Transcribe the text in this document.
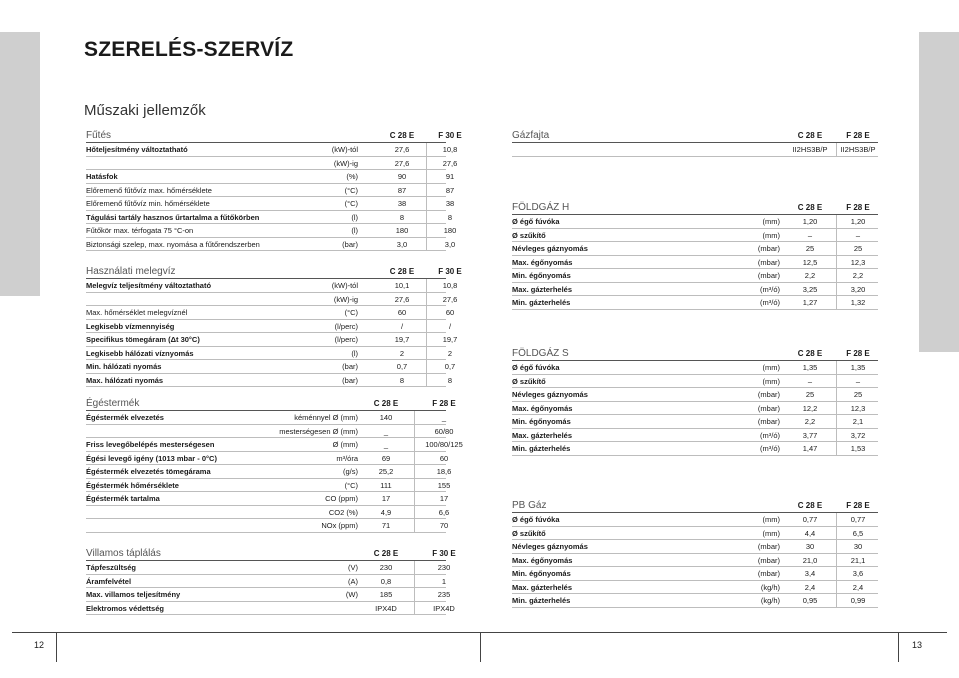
SZERELÉS-SZERVÍZ
Műszaki jellemzők
Fűtés	C 28 E	F 30 E
Hőteljesítmény változtatható	(kW)-tól	27,6	10,8
(kW)-ig	27,6	27,6
Hatásfok	(%)	90	91
Előremenő fűtővíz max. hőmérséklete	(°C)	87	87
Előremenő fűtővíz min. hőmérséklete	(°C)	38	38
Tágulási tartály hasznos űrtartalma a fűtőkörben	(l)	8	8
Fűtőkör max. térfogata 75 °C-on	(l)	180	180
Biztonsági szelep, max. nyomása a fűtőrendszerben	(bar)	3,0	3,0
Használati melegvíz	C 28 E	F 30 E
Melegvíz teljesítmény változtatható	(kW)-tól	10,1	10,8
(kW)-ig	27,6	27,6
Max. hőmérséklet melegvíznél	(°C)	60	60
Legkisebb vízmennyiség	(l/perc)	/	/
Specifikus tömegáram (Δt 30°C)	(l/perc)	19,7	19,7
Legkisebb hálózati víznyomás	(l)	2	2
Min. hálózati nyomás	(bar)	0,7	0,7
Max. hálózati nyomás	(bar)	8	8
Égéstermék	C 28 E	F 28 E
Égéstermék elvezetés	kéménnyel Ø (mm)	140	_
mesterségesen Ø (mm)	_	60/80
Friss levegőbelépés mesterségesen	Ø (mm)	_	100/80/125
Égési levegő igény (1013 mbar - 0°C)	m³/óra	69	60
Égéstermék elvezetés tömegárama	(g/s)	25,2	18,6
Égéstermék hőmérséklete	(°C)	111	155
Égéstermék tartalma	CO (ppm)	17	17
CO2 (%)	4,9	6,6
NOx (ppm)	71	70
Villamos táplálás	C 28 E	F 30 E
Tápfeszültség	(V)	230	230
Áramfelvétel	(A)	0,8	1
Max. villamos teljesítmény	(W)	185	235
Elektromos védettség	IPX4D	IPX4D
Gázfajta	C 28 E	F 28 E
II2HS3B/P	II2HS3B/P
FÖLDGÁZ H	C 28 E	F 28 E
Ø égő fúvóka	(mm)	1,20	1,20
Ø szűkítő	(mm)	–	–
Névleges gáznyomás	(mbar)	25	25
Max. égőnyomás	(mbar)	12,5	12,3
Min. égőnyomás	(mbar)	2,2	2,2
Max. gázterhelés	(m³/ó)	3,25	3,20
Min. gázterhelés	(m³/ó)	1,27	1,32
FÖLDGÁZ S	C 28 E	F 28 E
Ø égő fúvóka	(mm)	1,35	1,35
Ø szűkítő	(mm)	–	–
Névleges gáznyomás	(mbar)	25	25
Max. égőnyomás	(mbar)	12,2	12,3
Min. égőnyomás	(mbar)	2,2	2,1
Max. gázterhelés	(m³/ó)	3,77	3,72
Min. gázterhelés	(m³/ó)	1,47	1,53
PB Gáz	C 28 E	F 28 E
Ø égő fúvóka	(mm)	0,77	0,77
Ø szűkítő	(mm)	4,4	6,5
Névleges gáznyomás	(mbar)	30	30
Max. égőnyomás	(mbar)	21,0	21,1
Min. égőnyomás	(mbar)	3,4	3,6
Max. gázterhelés	(kg/h)	2,4	2,4
Min. gázterhelés	(kg/h)	0,95	0,99
12	13
